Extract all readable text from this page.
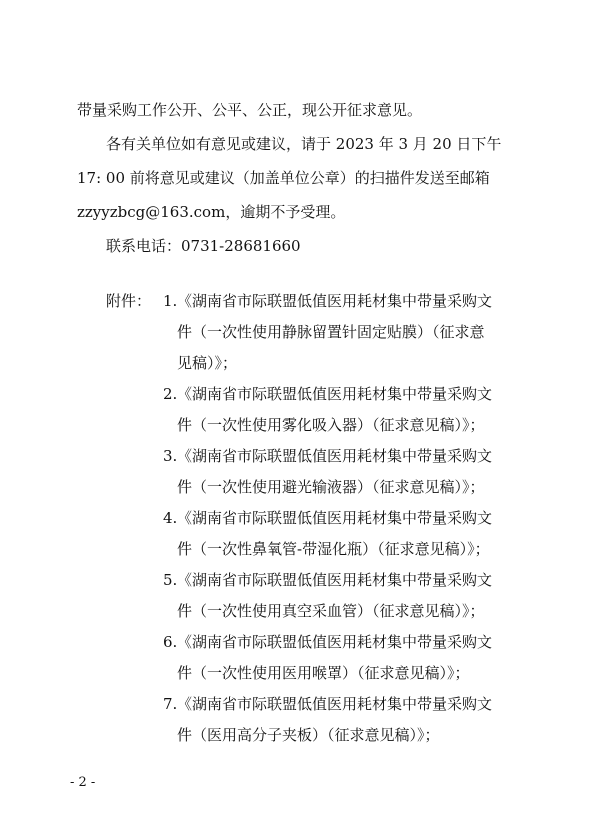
带量采购工作公开、公平、公正，现公开征求意见。
各有关单位如有意见或建议，请于 2023 年 3 月 20 日下午
17: 00 前将意见或建议（加盖单位公章）的扫描件发送至邮箱
zzyyzbcg@163.com，逾期不予受理。
联系电话：0731-28681660
附件： 1. 《湖南省市际联盟低值医用耗材集中带量采购文
件（一次性使用静脉留置针固定贴膜）（征求意
见稿）》；
2. 《湖南省市际联盟低值医用耗材集中带量采购文
件（一次性使用雾化吸入器）（征求意见稿）》；
3. 《湖南省市际联盟低值医用耗材集中带量采购文
件（一次性使用避光输液器）（征求意见稿）》；
4. 《湖南省市际联盟低值医用耗材集中带量采购文
件（一次性鼻氧管-带湿化瓶）（征求意见稿）》；
5. 《湖南省市际联盟低值医用耗材集中带量采购文
件（一次性使用真空采血管）（征求意见稿）》；
6. 《湖南省市际联盟低值医用耗材集中带量采购文
件（一次性使用医用喉罩）（征求意见稿）》；
7. 《湖南省市际联盟低值医用耗材集中带量采购文
件（医用高分子夹板）（征求意见稿）》；
- 2 -
